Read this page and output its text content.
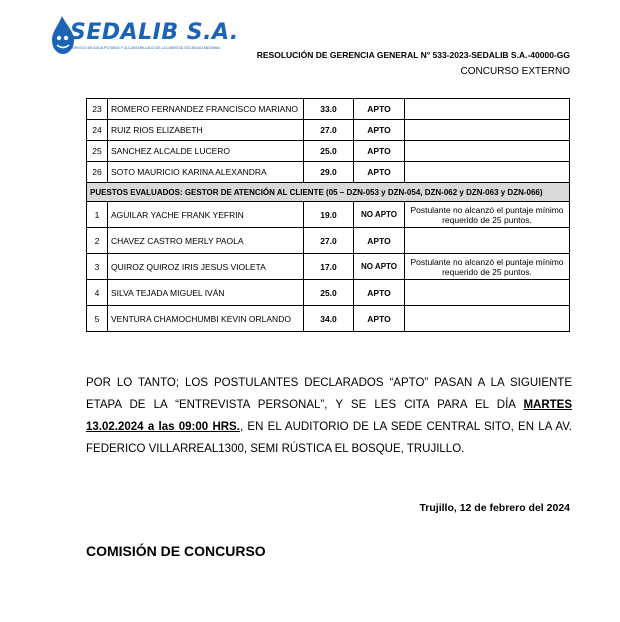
SEDALIB S.A.
SERVICIO DE AGUA POTABLE Y ALCANTARILLADO DE LA LIBERTAD SOCIEDAD ANÓNIMA
RESOLUCIÓN DE GERENCIA GENERAL N° 533-2023-SEDALIB S.A.-40000-GG
CONCURSO EXTERNO
23	ROMERO FERNANDEZ FRANCISCO MARIANO	33.0	APTO	
24	RUIZ RIOS ELIZABETH	27.0	APTO	
25	SANCHEZ ALCALDE LUCERO	25.0	APTO	
26	SOTO MAURICIO KARINA ALEXANDRA	29.0	APTO	
PUESTOS EVALUADOS: GESTOR DE ATENCIÓN AL CLIENTE (05 – DZN-053 y DZN-054, DZN-062 y DZN-063 y DZN-066)				
1	AGUILAR YACHE FRANK YEFRIN	19.0	NO APTO	Postulante no alcanzó el puntaje mínimo requerido de 25 puntos.
2	CHAVEZ CASTRO MERLY PAOLA	27.0	APTO	
3	QUIROZ QUIROZ IRIS JESUS VIOLETA	17.0	NO APTO	Postulante no alcanzó el puntaje mínimo requerido de 25 puntos.
4	SILVA TEJADA MIGUEL IVÁN	25.0	APTO	
5	VENTURA CHAMOCHUMBI KEVIN ORLANDO	34.0	APTO	
POR LO TANTO; LOS POSTULANTES DECLARADOS “APTO” PASAN A LA SIGUIENTE ETAPA DE LA “ENTREVISTA PERSONAL”, Y SE LES CITA PARA EL DÍA MARTES 13.02.2024 a las 09:00 HRS., EN EL AUDITORIO DE LA SEDE CENTRAL SITO, EN LA AV. FEDERICO VILLARREAL1300, SEMI RÚSTICA EL BOSQUE, TRUJILLO.
Trujillo, 12 de febrero del 2024
COMISIÓN DE CONCURSO
